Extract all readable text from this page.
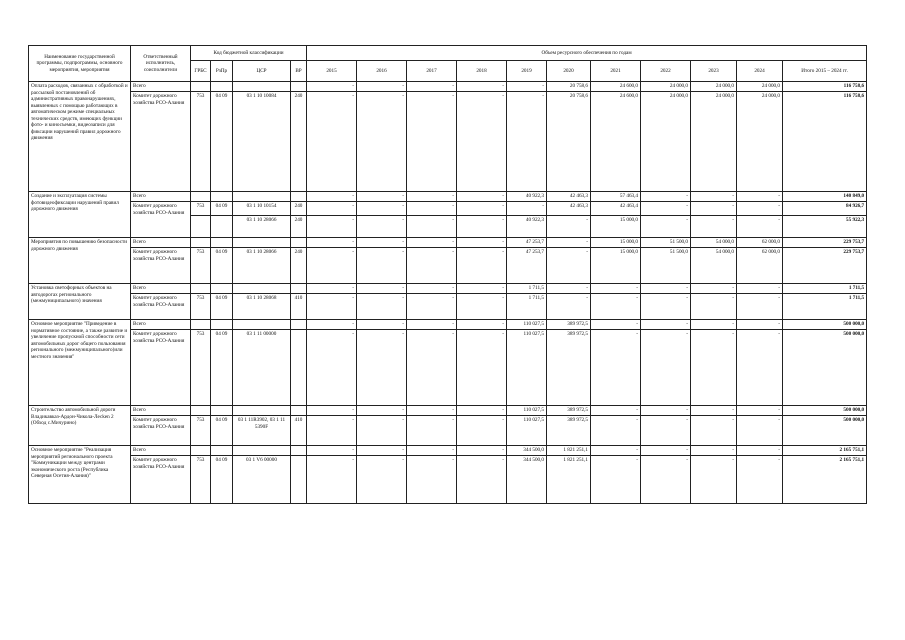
Наименование государственной программы, подпрограммы, основного мероприятия, мероприятия	Ответственный исполнитель, соисполнители	Код бюджетной классификации				Объем ресурсного обеспечения по годам										
		ГРБС	РзПр	ЦСР	ВР	2015	2016	2017	2018	2019	2020	2021	2022	2023	2024	Итого 2015 – 2024 гг.
Оплата расходов, связанных с обработкой и рассылкой постановлений об административных правонарушениях, выявленных с помощью работающих в автоматическом режиме специальных технических средств, имеющих функции фото- и киносъемки, видеозаписи для фиксации нарушений правил дорожного движения	Всего					-	-	-	-	-	20 758,6	24 600,0	24 000,0	24 000,0	24 000,0	116 758,6
	Комитет дорожного хозяйства РСО-Алания	753	04 09	03 1 10 10084	240	-	-	-	-	-	20 758,6	24 600,0	24 000,0	24 000,0	24 000,0	116 758,6
Создание и эксплуатация системы фотовидеофиксации нарушений правил дорожного движения	Всего					-	-	-	-	40 922,3	42 463,3	57 463,4	-	-	-	140 849,0
	Комитет дорожного хозяйства РСО-Алания	753	04 09	03 1 10 10154	240	-	-	-	-	-	42 463,3	42 463,4	-	-	-	84 926,7
				03 1 10 28066	240	-	-	-	-	40 922,3	-	15 000,0	-	-	-	55 922,3
Мероприятия по повышению безопасности дорожного движения	Всего					-	-	-	-	47 253,7	-	15 000,0	51 500,0	54 000,0	62 000,0	229 753,7
	Комитет дорожного хозяйства РСО-Алания	753	04 09	03 1 10 28066	240	-	-	-	-	47 253,7	-	15 000,0	51 500,0	54 000,0	62 000,0	229 753,7
Установка светофорных объектов на автодорогах регионального (межмуниципального) значения	Всего					-	-	-	-	1 711,5	-	-	-	-	-	1 711,5
	Комитет дорожного хозяйства РСО-Алания	753	04 09	03 1 10 28068	410	-	-	-	-	1 711,5	-	-	-	-	-	1 711,5
Основное мероприятие "Приведение в нормативное состояние, а также развитие и увеличение пропускной способности сети автомобильных дорог общего пользования регионального (межмуниципального)или местного значения"	Всего					-	-	-	-	110 027,5	389 972,5	-	-	-	-	500 000,0
	Комитет дорожного хозяйства РСО-Алания	753	04 09	03 1 11 00000		-	-	-	-	110 027,5	389 972,5	-	-	-	-	500 000,0
Строительство автомобильной дороги Владикавказ-Ардон-Чикола-Лесken 2 (Обход с.Мичурино)	Всего					-	-	-	-	110 027,5	389 972,5	-	-	-	-	500 000,0
	Комитет дорожного хозяйства РСО-Алания	753	04 09	03 1 11R3902, 03 1 11 5390F	410	-	-	-	-	110 027,5	389 972,5	-	-	-	-	500 000,0
Основное мероприятие "Реализация мероприятий регионального проекта "Коммуникации между центрами экономического роста (Республика Северная Осетия-Алания)"	Всего					-	-	-	-	344 500,0	1 821 251,1	-	-	-	-	2 165 751,1
	Комитет дорожного хозяйства РСО-Алания	753	04 09	03 1 V6 00000		-	-	-	-	344 500,0	1 821 251,1	-	-	-	-	2 165 751,1
